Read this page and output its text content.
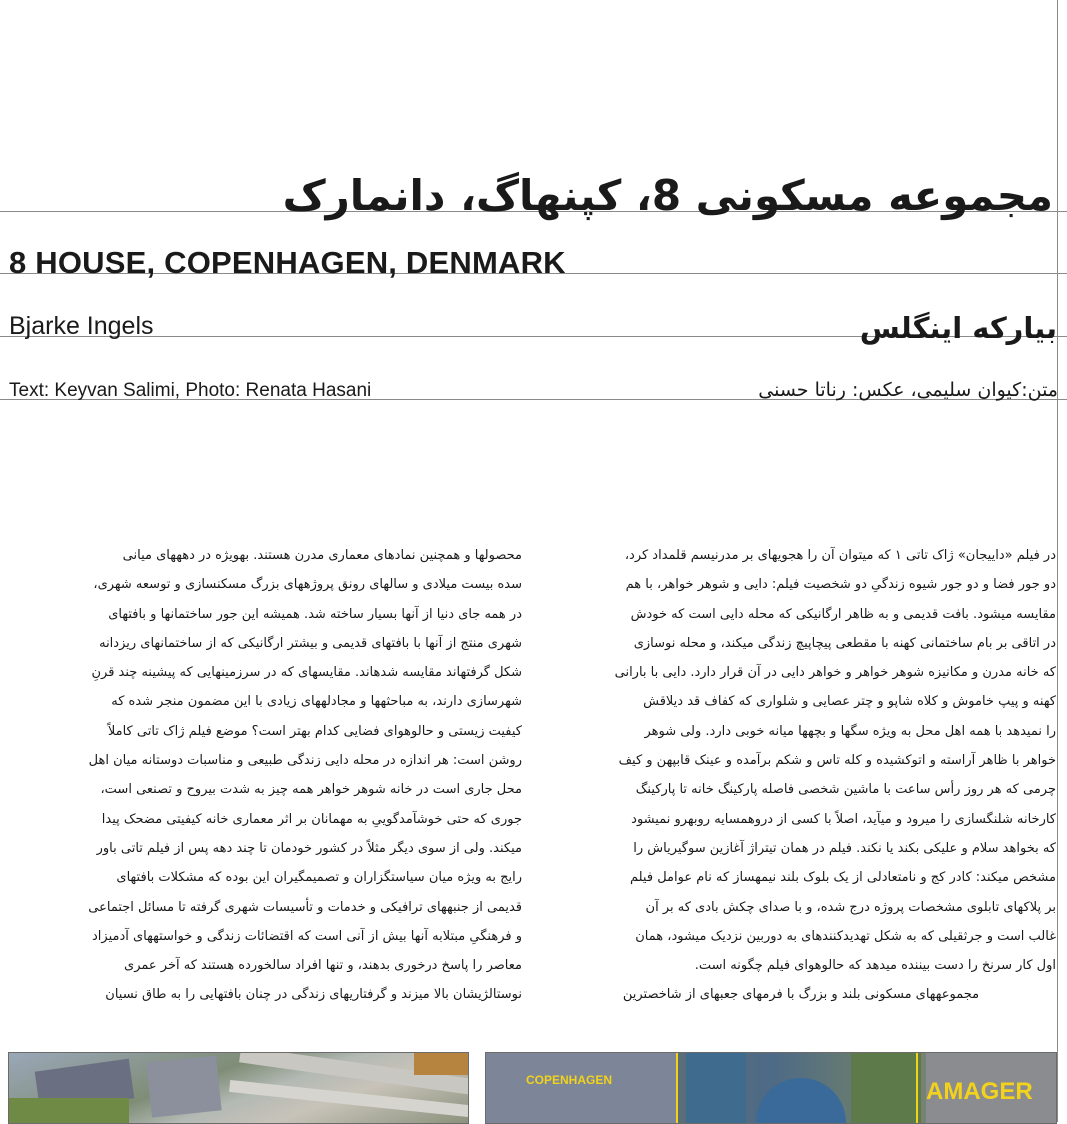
مجموعه مسکونی 8، کپنهاگ، دانمارک
8 HOUSE, COPENHAGEN, DENMARK
Bjarke Ingels	بیارکه اینگلس
Text: Keyvan Salimi, Photo: Renata Hasani	متن:کیوان سلیمی، عکس: رناتا حسنی
در فیلم «داییجان» ژاک تاتی ۱ که میتوان آن را هجویهای بر مدرنیسم قلمداد کرد،
دو جور فضا و دو جور شیوه زندگیِ دو شخصیت فیلم: دایی و شوهر خواهر، با هم
مقایسه میشود. بافت قدیمی و به ظاهر ارگانیکی که محله دایی است که خودش
در اتاقی بر بام ساختمانی کهنه با مقطعی پیچاپیچ زندگی میکند، و محله نوسازی
که خانه مدرن و مکانیزه شوهر خواهر و خواهر دایی در آن قرار دارد. دایی با بارانی
کهنه و پیپ خاموش و کلاه شاپو و چتر عصایی و شلواری که کفاف قد دیلاقش
را نمیدهد با همه اهل محل به ویژه سگها و بچهها میانه خوبی دارد. ولی شوهر
خواهر با ظاهر آراسته و اتوکشیده و کله تاس و شکم برآمده و عینک قابپهن و کیف
چرمی که هر روز رأس ساعت با ماشین شخصی فاصله پارکینگ خانه تا پارکینگ
کارخانه شلنگسازی را میرود و میآید، اصلاً با کسی از دروهمسایه روبهرو نمیشود
که بخواهد سلام و علیکی بکند یا نکند. فیلم در همان تیتراژ آغازین سوگیریاش را
مشخص میکند: کادر کج و نامتعادلی از یک بلوک بلند نیمهساز که نام عوامل فیلم
بر پلاکهای تابلوی مشخصات پروژه درج شده، و با صدای چکش بادی که بر آن
غالب است و جرثقیلی که به شکل تهدیدکنندهای به دوربین نزدیک میشود، همان
اول کار سرنخ را دست بیننده میدهد که حالوهوای فیلم چگونه است.
مجموعههای مسکونی بلند و بزرگ با فرمهای جعبهای از شاخصترین
محصولها و همچنین نمادهای معماری مدرن هستند. بهویژه در دهههای میانی
سده بیست میلادی و سالهای رونق پروژههای بزرگ مسکنسازی و توسعه شهری،
در همه جای دنیا از آنها بسیار ساخته شد. همیشه این جور ساختمانها و بافتهای
شهری منتج از آنها با بافتهای قدیمی و بیشتر ارگانیکی که از ساختمانهای ریزدانه
شکل گرفتهاند مقایسه شدهاند. مقایسهای که در سرزمینهایی که پیشینه چند قرنِ
شهرسازی دارند، به مباحثهها و مجادلههای زیادی با این مضمون منجر شده که
کیفیت زیستی و حالوهوای فضایی کدام بهتر است؟ موضع فیلم ژاک تاتی کاملاً
روشن است: هر اندازه در محله دایی زندگی طبیعی و مناسبات دوستانه میان اهل
محل جاری است در خانه شوهر خواهر همه چیز به شدت بیروح و تصنعی است،
جوری که حتی خوشآمدگوییِ به مهمانان بر اثر معماری خانه کیفیتی مضحک پیدا
میکند. ولی از سوی دیگر مثلاً در کشور خودمان تا چند دهه پس از فیلم تاتی باور
رایج به ویژه میان سیاستگزاران و تصمیمگیران این بوده که مشکلات بافتهای
قدیمی از جنبههای ترافیکی و خدمات و تأسیسات شهری گرفته تا مسائل اجتماعی
و فرهنگیِ مبتلابه آنها بیش از آنی است که اقتضائات زندگی و خواستههای آدمیزاد
معاصر را پاسخ درخوری بدهند، و تنها افراد سالخورده هستند که آخر عمری
نوستالژیشان بالا میزند و گرفتاریهای زندگی در چنان بافتهایی را به طاق نسیان
COPENHAGEN	AMAGER
